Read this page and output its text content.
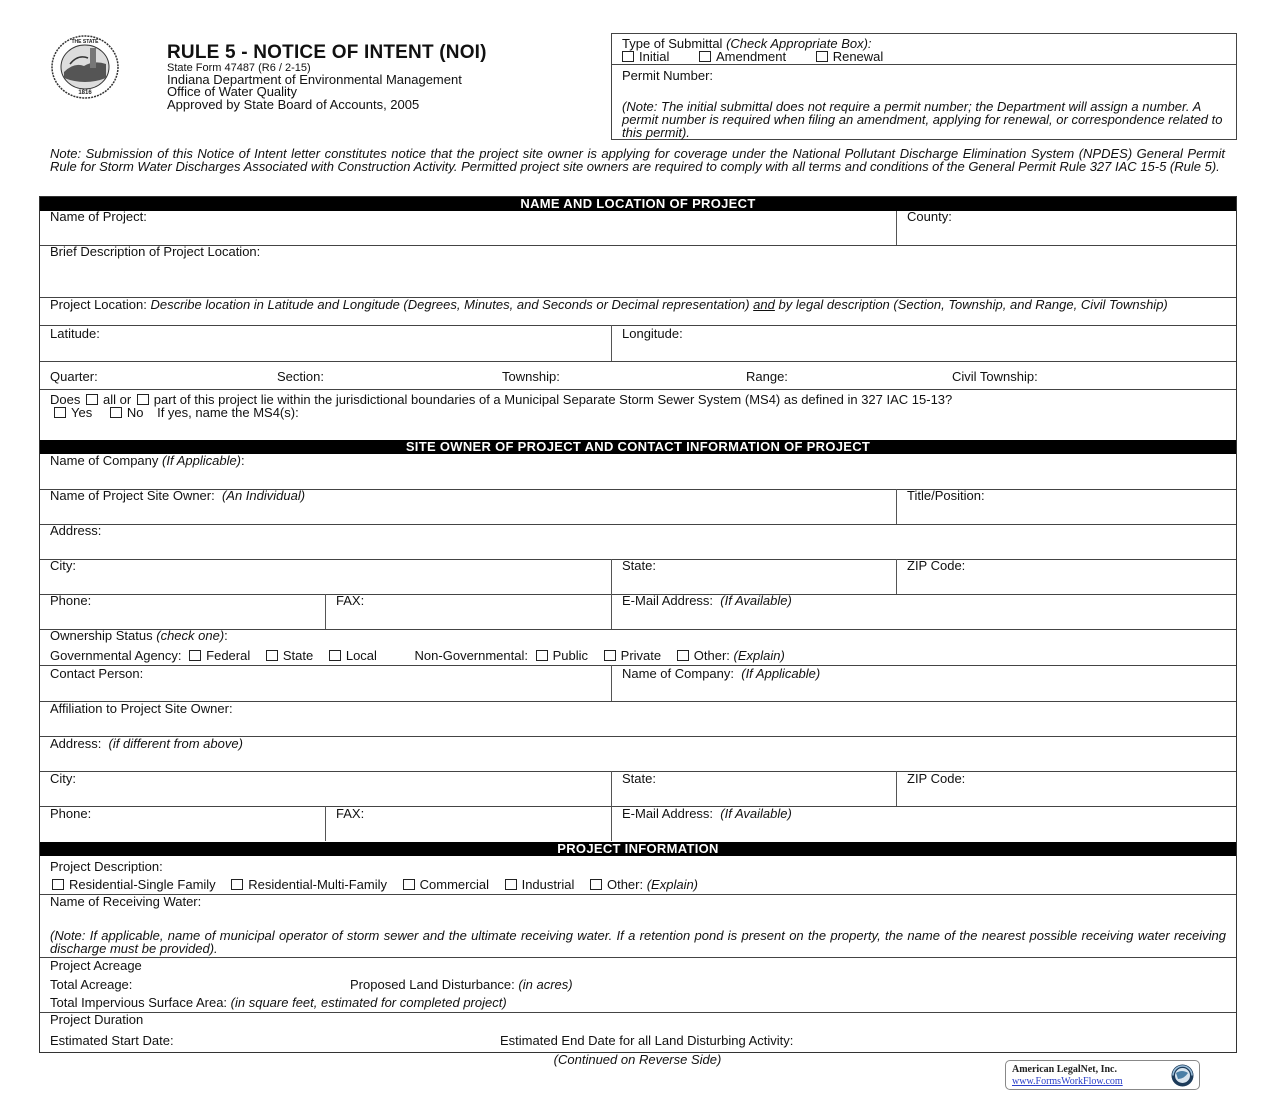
1816
THE STATE	RULE 5 - NOTICE OF INTENT (NOI)
State Form 47487 (R6 / 2-15)
Indiana Department of Environmental Management
Office of Water Quality
Approved by State Board of Accounts, 2005
Type of Submittal (Check Appropriate Box):
Initial	Amendment	Renewal
Permit Number:
(Note: The initial submittal does not require a permit number; the Department will assign a number. A permit number is required when filing an amendment, applying for renewal, or correspondence related to this permit).
Note: Submission of this Notice of Intent letter constitutes notice that the project site owner is applying for coverage under the National Pollutant Discharge Elimination System (NPDES) General Permit Rule for Storm Water Discharges Associated with Construction Activity. Permitted project site owners are required to comply with all terms and conditions of the General Permit Rule 327 IAC 15-5 (Rule 5).
NAME AND LOCATION OF PROJECT
Name of Project:	County:
Brief Description of Project Location:
Project Location: Describe location in Latitude and Longitude (Degrees, Minutes, and Seconds or Decimal representation) and by legal description (Section, Township, and Range, Civil Township)
Latitude:	Longitude:
Quarter:	Section:	Township:	Range:	Civil Township:
Does all or part of this project lie within the jurisdictional boundaries of a Municipal Separate Storm Sewer System (MS4) as defined in 327 IAC 15-13?
Yes	No If yes, name the MS4(s):
SITE OWNER OF PROJECT AND CONTACT INFORMATION OF PROJECT
Name of Company (If Applicable):
Name of Project Site Owner: (An Individual)	Title/Position:
Address:
City:	State:	ZIP Code:
Phone:	FAX:	E-Mail Address: (If Available)
Ownership Status (check one):
Governmental Agency: Federal	State	Local	Non-Governmental: Public	Private	Other: (Explain)
Contact Person:	Name of Company: (If Applicable)
Affiliation to Project Site Owner:
Address: (if different from above)
City:	State:	ZIP Code:
Phone:	FAX:	E-Mail Address: (If Available)
PROJECT INFORMATION
Project Description:
Residential-Single Family	Residential-Multi-Family	Commercial	Industrial	Other: (Explain)
Name of Receiving Water:
(Note: If applicable, name of municipal operator of storm sewer and the ultimate receiving water. If a retention pond is present on the property, the name of the nearest possible receiving water receiving discharge must be provided).
Project Acreage
Total Acreage:	Proposed Land Disturbance: (in acres)
Total Impervious Surface Area: (in square feet, estimated for completed project)
Project Duration
Estimated Start Date:	Estimated End Date for all Land Disturbing Activity:
(Continued on Reverse Side)
American LegalNet, Inc.
www.FormsWorkFlow.com
